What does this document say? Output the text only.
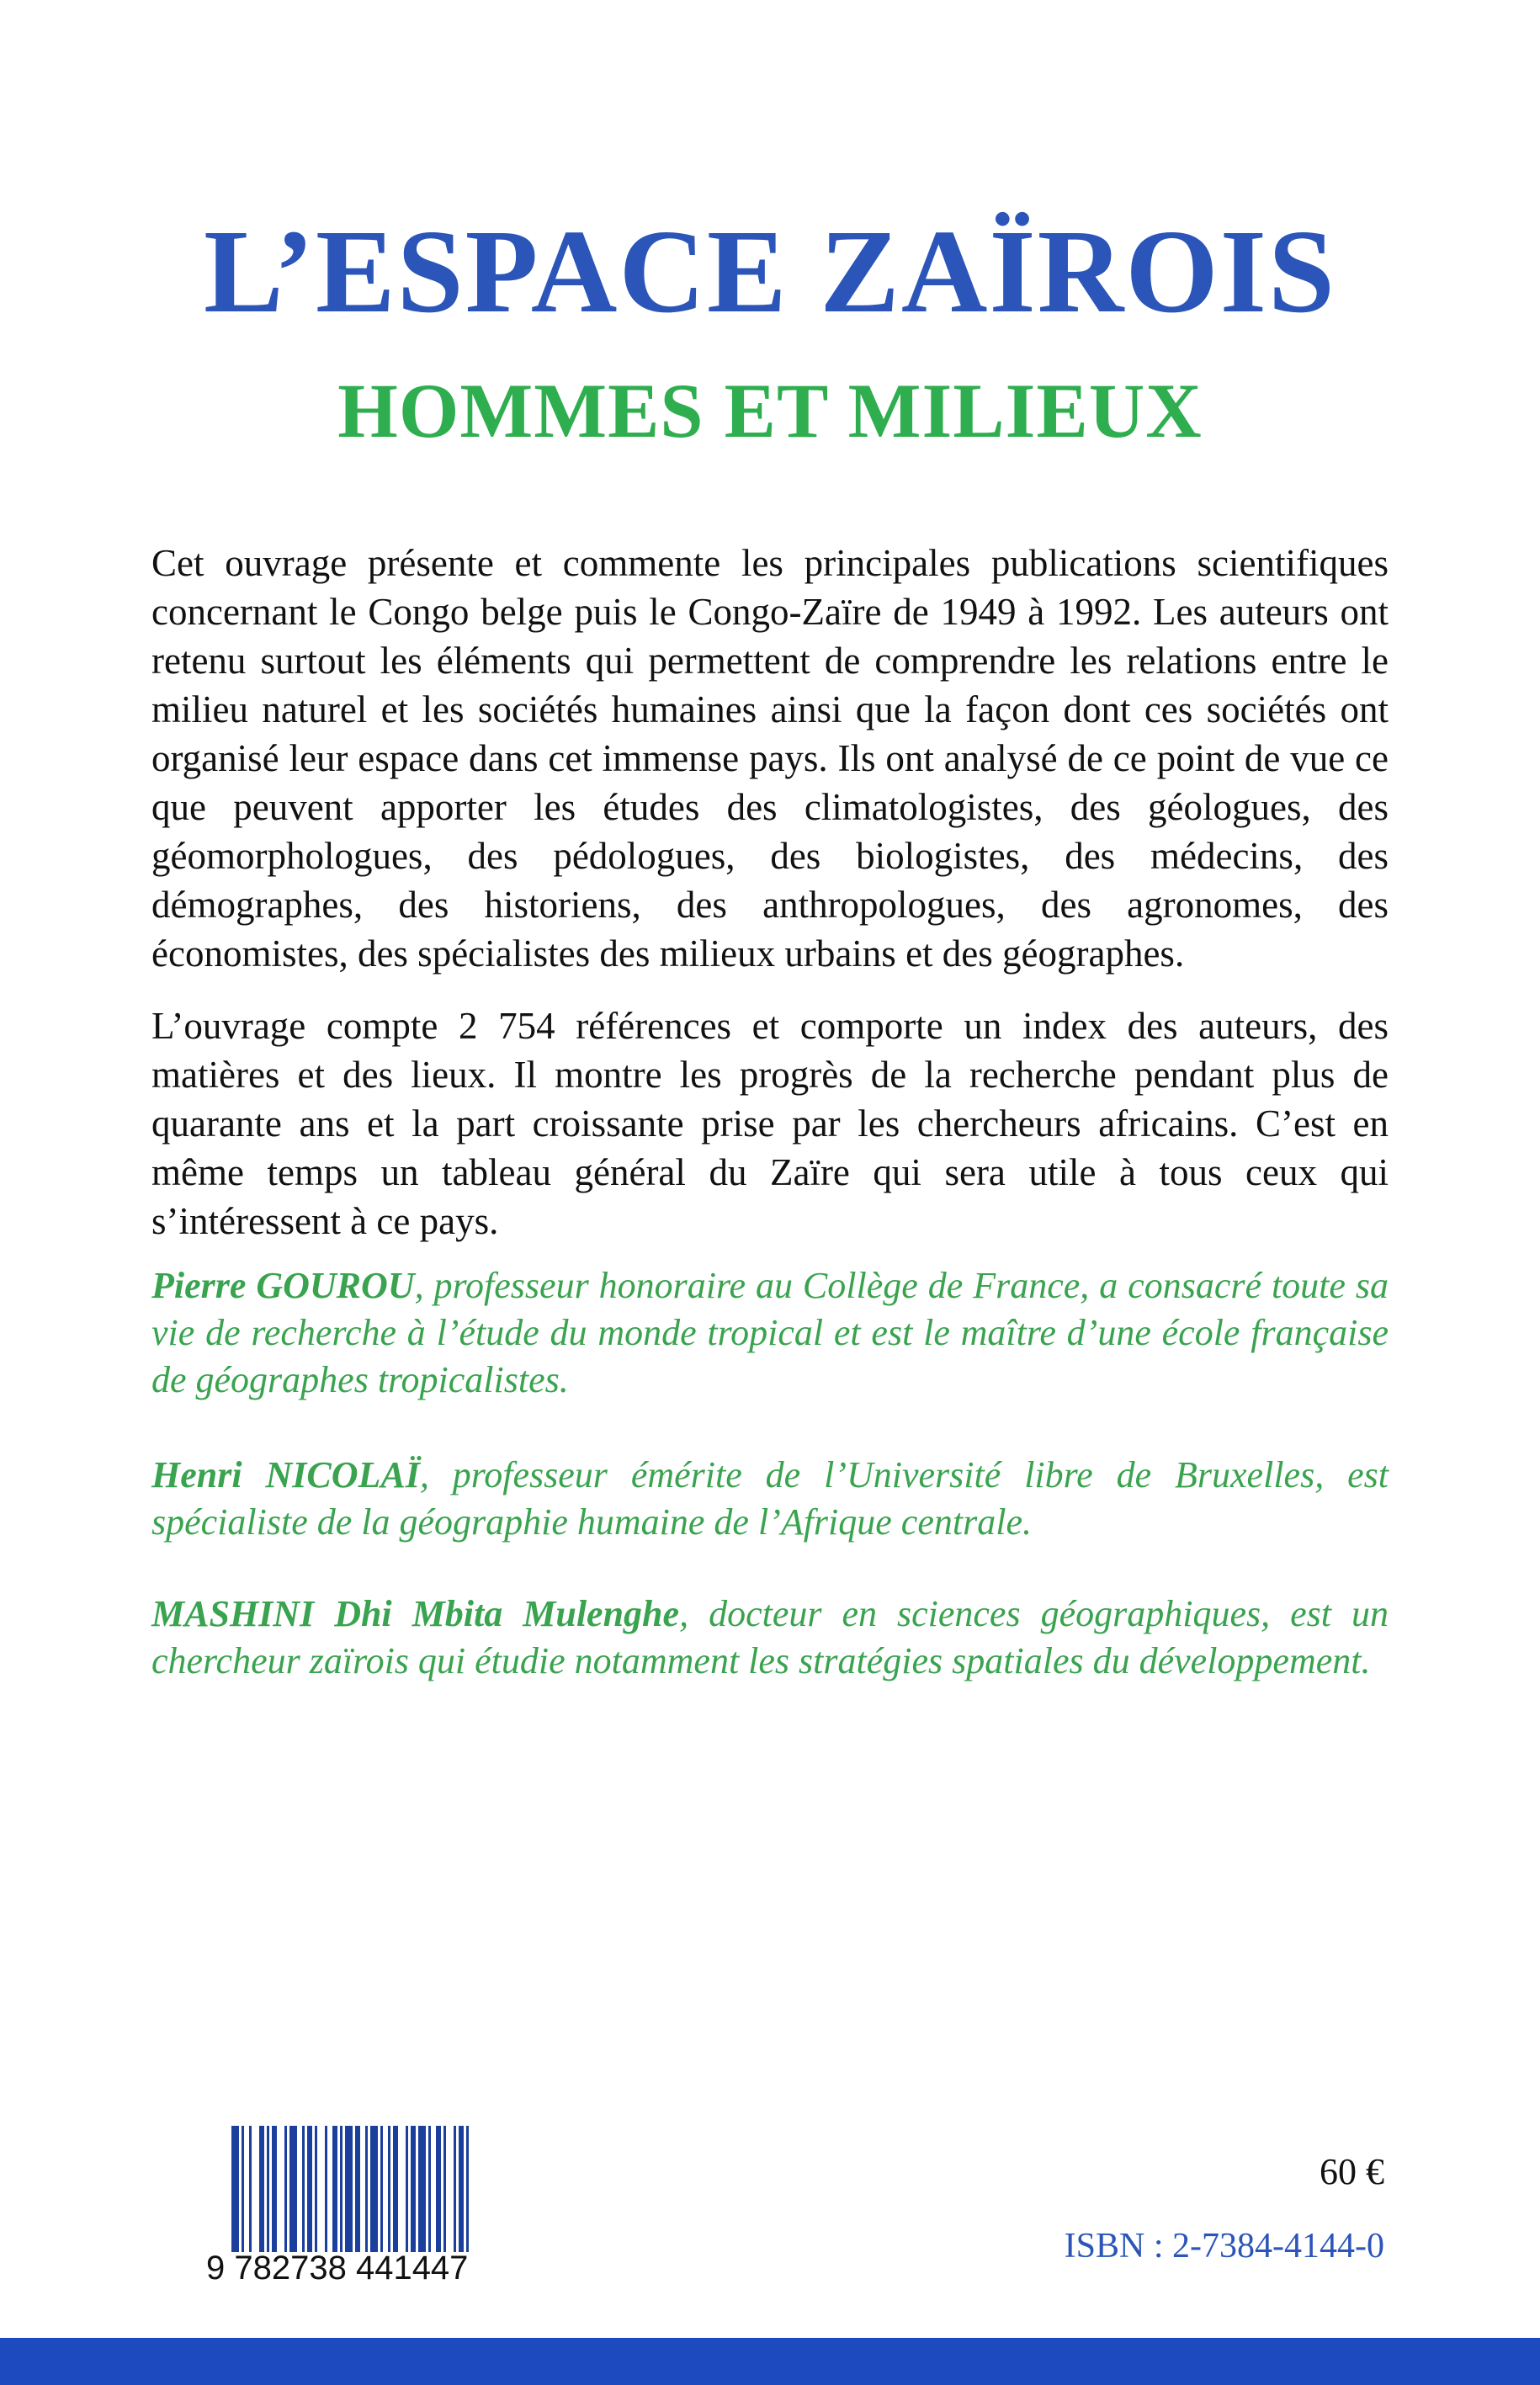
L’ESPACE ZAÏROIS
HOMMES ET MILIEUX

Cet ouvrage présente et commente les principales publications scientifiques concernant le Congo belge puis le Congo-Zaïre de 1949 à 1992. Les auteurs ont retenu surtout les éléments qui permettent de comprendre les relations entre le milieu naturel et les sociétés humaines ainsi que la façon dont ces sociétés ont organisé leur espace dans cet immense pays. Ils ont analysé de ce point de vue ce que peuvent apporter les études des climatologistes, des géologues, des géomorphologues, des pédologues, des biologistes, des médecins, des démographes, des historiens, des anthropologues, des agronomes, des économistes, des spécialistes des milieux urbains et des géographes.

L’ouvrage compte 2 754 références et comporte un index des auteurs, des matières et des lieux. Il montre les progrès de la recherche pendant plus de quarante ans et la part croissante prise par les chercheurs africains. C’est en même temps un tableau général du Zaïre qui sera utile à tous ceux qui s’intéressent à ce pays.

Pierre GOUROU, professeur honoraire au Collège de France, a consacré toute sa vie de recherche à l’étude du monde tropical et est le maître d’une école française de géographes tropicalistes.

Henri NICOLAÏ, professeur émérite de l’Université libre de Bruxelles, est spécialiste de la géographie humaine de l’Afrique centrale.

MASHINI Dhi Mbita Mulenghe, docteur en sciences géographiques, est un chercheur zaïrois qui étudie notamment les stratégies spatiales du développement.

9 782738 441447
60 €
ISBN : 2-7384-4144-0
